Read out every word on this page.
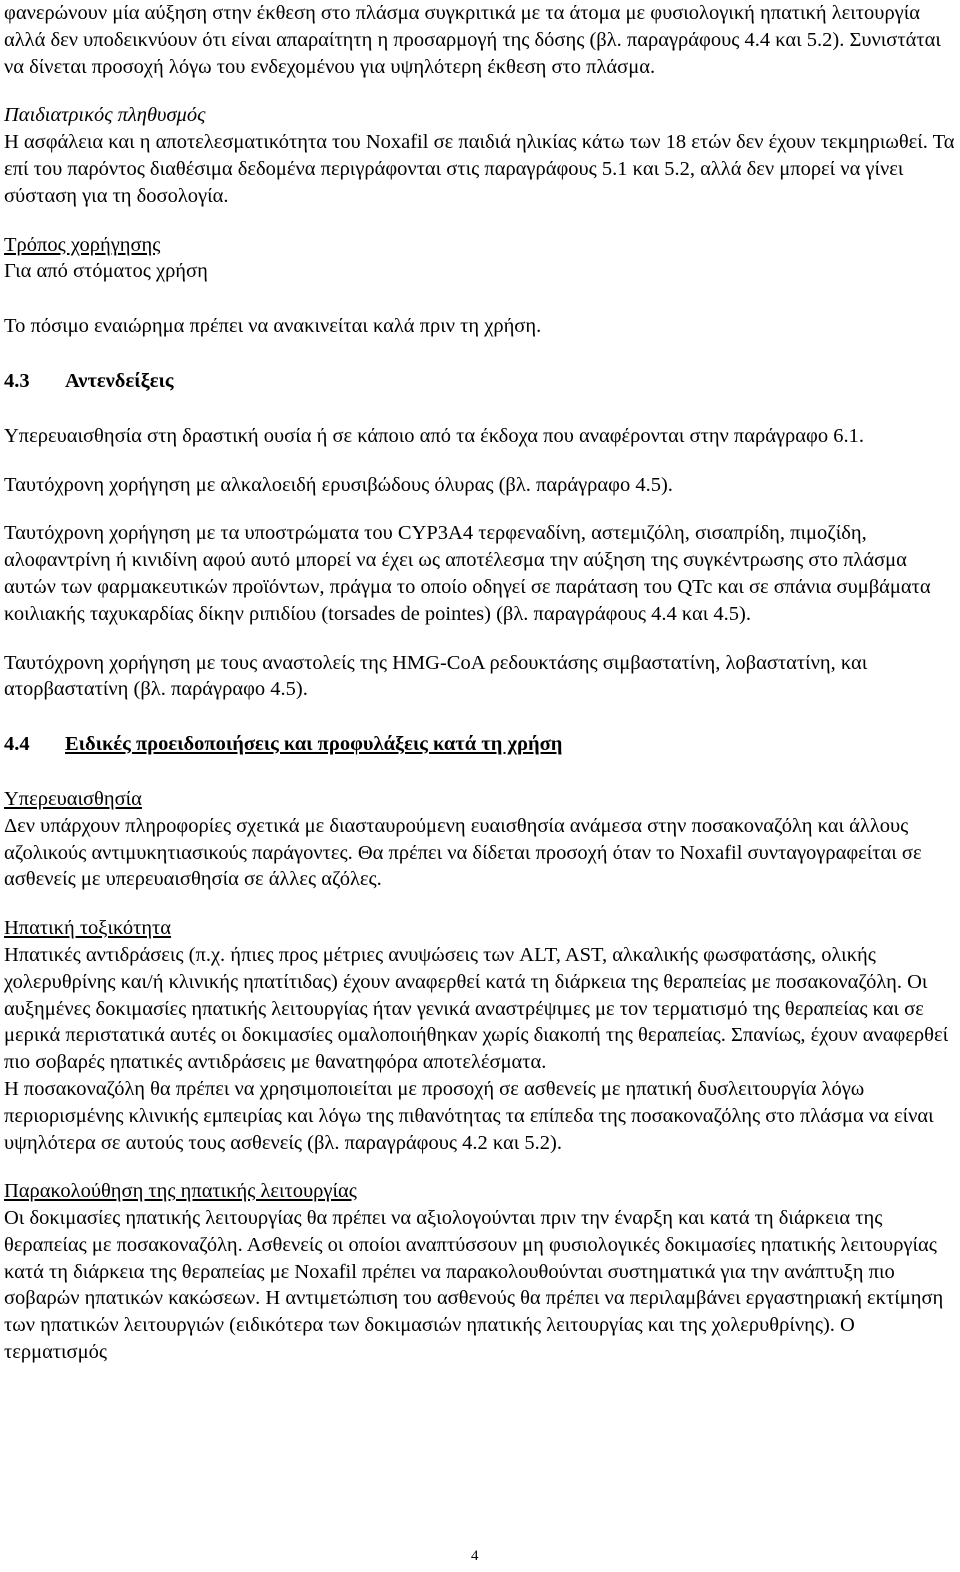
φανερώνουν μία αύξηση στην έκθεση στο πλάσμα συγκριτικά με τα άτομα με φυσιολογική ηπατική λειτουργία αλλά δεν υποδεικνύουν ότι είναι απαραίτητη η προσαρμογή της δόσης (βλ. παραγράφους 4.4 και 5.2). Συνιστάται να δίνεται προσοχή λόγω του ενδεχομένου για υψηλότερη έκθεση στο πλάσμα.

Παιδιατρικός πληθυσμός

Η ασφάλεια και η αποτελεσματικότητα του Noxafil σε παιδιά ηλικίας κάτω των 18 ετών δεν έχουν τεκμηριωθεί. Τα επί του παρόντος διαθέσιμα δεδομένα περιγράφονται στις παραγράφους 5.1 και 5.2, αλλά δεν μπορεί να γίνει σύσταση για τη δοσολογία.

Τρόπος χορήγησης

Για από στόματος χρήση

Το πόσιμο εναιώρημα πρέπει να ανακινείται καλά πριν τη χρήση.

4.3 Αντενδείξεις

Υπερευαισθησία στη δραστική ουσία ή σε κάποιο από τα έκδοχα που αναφέρονται στην παράγραφο 6.1.

Ταυτόχρονη χορήγηση με αλκαλοειδή ερυσιβώδους όλυρας (βλ. παράγραφο 4.5).

Ταυτόχρονη χορήγηση με τα υποστρώματα του CYP3A4 τερφεναδίνη, αστεμιζόλη, σισαπρίδη, πιμοζίδη, αλοφαντρίνη ή κινιδίνη αφού αυτό μπορεί να έχει ως αποτέλεσμα την αύξηση της συγκέντρωσης στο πλάσμα αυτών των φαρμακευτικών προϊόντων, πράγμα το οποίο οδηγεί σε παράταση του QTc και σε σπάνια συμβάματα κοιλιακής ταχυκαρδίας δίκην ριπιδίου (torsades de pointes) (βλ. παραγράφους 4.4 και 4.5).

Ταυτόχρονη χορήγηση με τους αναστολείς της HMG-CoA ρεδουκτάσης σιμβαστατίνη, λοβαστατίνη, και ατορβαστατίνη (βλ. παράγραφο 4.5).

4.4 Ειδικές προειδοποιήσεις και προφυλάξεις κατά τη χρήση

Υπερευαισθησία

Δεν υπάρχουν πληροφορίες σχετικά με διασταυρούμενη ευαισθησία ανάμεσα στην ποσακοναζόλη και άλλους αζολικούς αντιμυκητιασικούς παράγοντες. Θα πρέπει να δίδεται προσοχή όταν το Noxafil συνταγογραφείται σε ασθενείς με υπερευαισθησία σε άλλες αζόλες.

Ηπατική τοξικότητα

Ηπατικές αντιδράσεις (π.χ. ήπιες προς μέτριες ανυψώσεις των ALT, AST, αλκαλικής φωσφατάσης, ολικής χολερυθρίνης και/ή κλινικής ηπατίτιδας) έχουν αναφερθεί κατά τη διάρκεια της θεραπείας με ποσακοναζόλη. Οι αυξημένες δοκιμασίες ηπατικής λειτουργίας ήταν γενικά αναστρέψιμες με τον τερματισμό της θεραπείας και σε μερικά περιστατικά αυτές οι δοκιμασίες ομαλοποιήθηκαν χωρίς διακοπή της θεραπείας. Σπανίως, έχουν αναφερθεί πιο σοβαρές ηπατικές αντιδράσεις με θανατηφόρα αποτελέσματα.

Η ποσακοναζόλη θα πρέπει να χρησιμοποιείται με προσοχή σε ασθενείς με ηπατική δυσλειτουργία λόγω περιορισμένης κλινικής εμπειρίας και λόγω της πιθανότητας τα επίπεδα της ποσακοναζόλης στο πλάσμα να είναι υψηλότερα σε αυτούς τους ασθενείς (βλ. παραγράφους 4.2 και 5.2).

Παρακολούθηση της ηπατικής λειτουργίας

Οι δοκιμασίες ηπατικής λειτουργίας θα πρέπει να αξιολογούνται πριν την έναρξη και κατά τη διάρκεια της θεραπείας με ποσακοναζόλη. Ασθενείς οι οποίοι αναπτύσσουν μη φυσιολογικές δοκιμασίες ηπατικής λειτουργίας κατά τη διάρκεια της θεραπείας με Noxafil πρέπει να παρακολουθούνται συστηματικά για την ανάπτυξη πιο σοβαρών ηπατικών κακώσεων. Η αντιμετώπιση του ασθενούς θα πρέπει να περιλαμβάνει εργαστηριακή εκτίμηση των ηπατικών λειτουργιών (ειδικότερα των δοκιμασιών ηπατικής λειτουργίας και της χολερυθρίνης). Ο τερματισμός

4
